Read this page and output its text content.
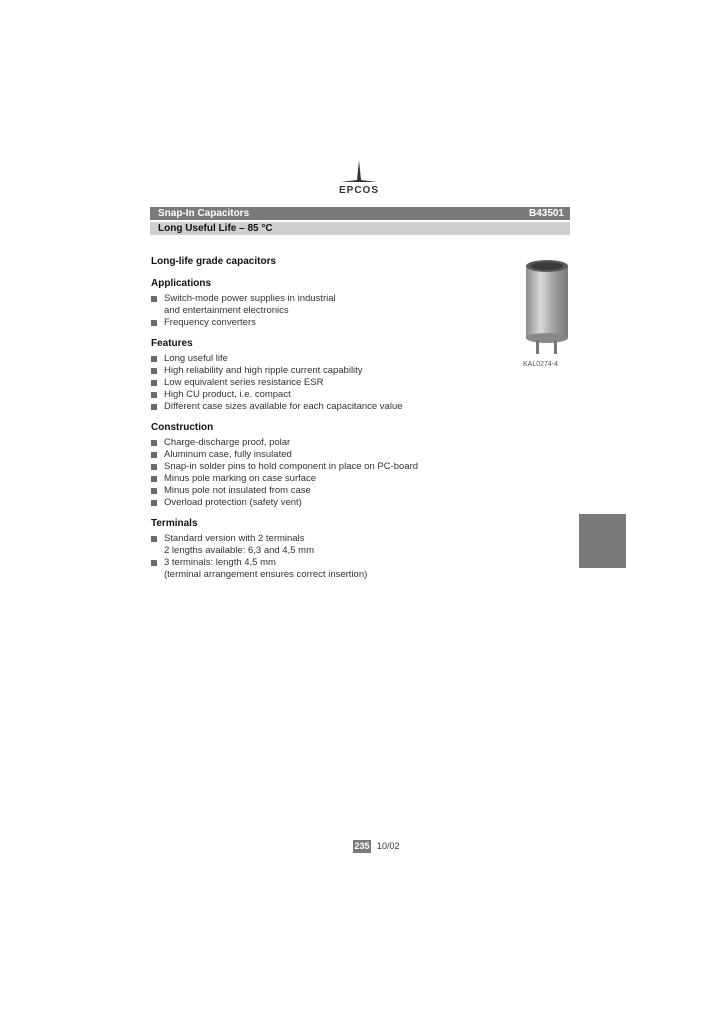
EPCOS
Snap-In Capacitors	B43501
Long Useful Life – 85 °C
Long-life grade capacitors
Applications
Switch-mode power supplies in industrial
and entertainment electronics
Frequency converters
Features
Long useful life
High reliability and high ripple current capability
Low equivalent series resistance ESR
High CU product, i.e. compact
Different case sizes available for each capacitance value
Construction
Charge-discharge proof, polar
Aluminum case, fully insulated
Snap-in solder pins to hold component in place on PC-board
Minus pole marking on case surface
Minus pole not insulated from case
Overload protection (safety vent)
Terminals
Standard version with 2 terminals
2 lengths available: 6,3 and 4,5 mm
3 terminals: length 4,5 mm
(terminal arrangement ensures correct insertion)
KAL0274-4
235 10/02
